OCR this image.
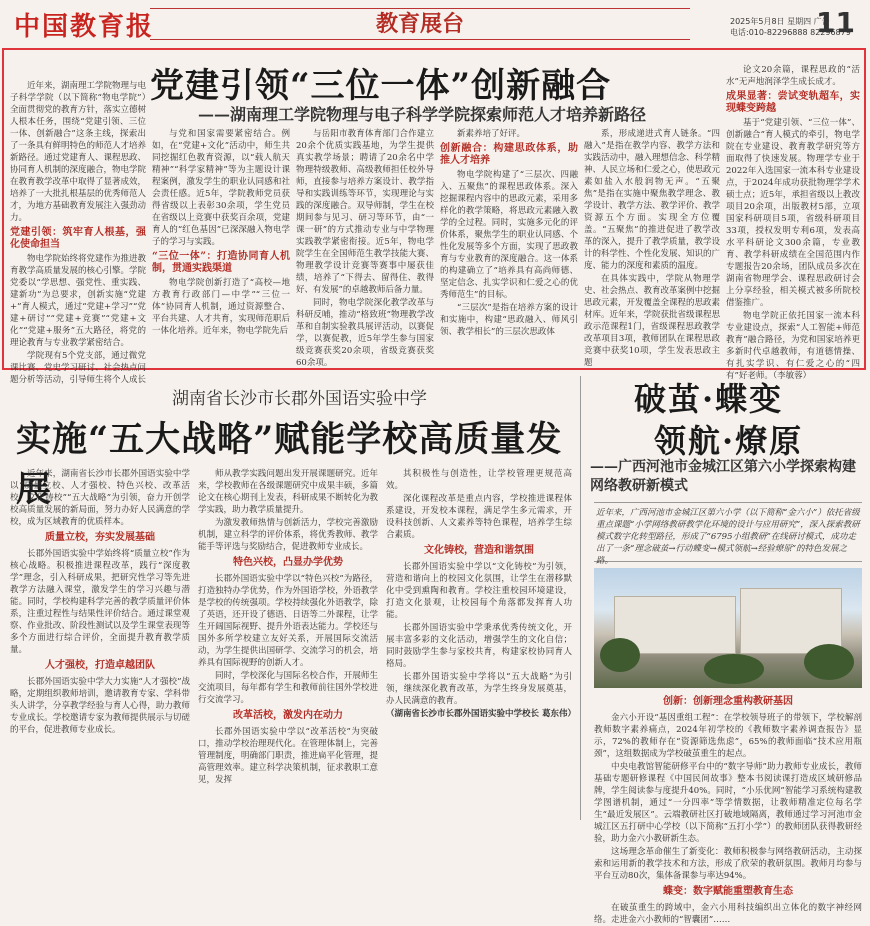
中国教育报	教育展台	2025年5月8日 星期四 广告
电话:010-82296888 82296879
11
党建引领“三位一体”创新融合
——湖南理工学院物理与电子科学学院探索师范人才培养新路径

近年来，湖南理工学院物理与电子科学学院（以下简称“物电学院”）全面贯彻党的教育方针，落实立德树人根本任务，围绕“党建引领、三位一体、创新融合”这条主线，探索出了一条具有鲜明特色的师范人才培养新路径。通过党建育人、课程思政、协同育人机制的深度融合，物电学院在教育教学改革中取得了显著成效，培养了一大批扎根基层的优秀师范人才，为地方基础教育发展注入强劲动力。

党建引领：筑牢育人根基，强化使命担当

物电学院始终将党建作为推进教育教学高质量发展的核心引擎。学院党委以“学思想、强党性、重实践、建新功”为总要求，创新实施“党建+”育人模式，通过“党建+学习”“党建+研讨”“党建+竞赛”“党建+文化”“党建+服务”五大路径，将党的理论教育与专业教学紧密结合。

学院现有5个党支部，通过微党课比赛、党史学习研讨、社会热点问题分析等活动，引导师生将个人成长

与党和国家需要紧密结合。例如，在“党建+文化”活动中，师生共同挖掘红色教育资源，以“载人航天精神”“科学家精神”等为主题设计课程案例，激发学生的职业认同感和社会责任感。近5年，学院教师党员获得省级以上表彰30余项，学生党员在省级以上竞赛中获奖百余项，党建育人的“红色基因”已深深融入物电学子的学习与实践。

“三位一体”：打造协同育人机制，贯通实践渠道

物电学院创新打造了“高校—地方教育行政部门—中学”“三位一体”协同育人机制，通过资源整合、平台共建、人才共育，实现师范职后一体化培养。近年来，物电学院先后

与岳阳市教育体育部门合作建立20余个优质实践基地，为学生提供真实教学场景；聘请了20余名中学物理特级教师、高级教师担任校外导师，直接参与培养方案设计、教学指导和实践训练等环节，实现理论与实践的深度融合。双导师制，学生在校期间参与见习、研习等环节，由“一课一研”的方式推动专业与中学物理实践教学紧密衔接。近5年，物电学院学生在全国师范生教学技能大赛、物理教学设计竞赛等赛事中屡获佳绩，培养了“下得去、留得住、教得好、有发展”的卓越教师后备力量。

同时，物电学院深化教学改革与科研反哺，推动“格致班”物理教学改革和自制实验教具展评活动，以赛促学，以赛促教，近5年学生参与国家级竞赛获奖20余项，省级竞赛获奖60余项。

新素养培了好评。

创新融合：构建思政体系，助推人才培养

物电学院构建了“三层次、四融入、五聚焦”的课程思政体系。深入挖掘课程内容中的思政元素，采用多样化的教学策略，将思政元素融入教学的全过程。同时，实施多元化的评价体系，聚焦学生的职业认同感、个性化发展等多个方面，实现了思政教育与专业教育的深度融合。这一体系的构建确立了“培养具有高尚师德、坚定信念、扎实学识和仁爱之心的优秀师范生”的目标。

“三层次”是指在培养方案的设计和实施中，构建“思政融入、师风引领、教学相长”的三层次思政体

系，形成递进式育人链条。“四融入”是指在教学内容、教学方法和实践活动中，融入理想信念、科学精神、人民立场和仁爱之心，使思政元素如盐入水般润物无声。“五聚焦”是指在实施中聚焦教学理念、教学设计、教学方法、教学评价、教学资源五个方面。实现全方位覆盖。“五聚焦”的推进促进了教学改革的深入，提升了教学质量，教学设计的科学性、个性化发展、知识的广度、能力的深度和素质的温度。

在具体实践中，学院从物理学史、社会热点、教育改革案例中挖掘思政元素，开发覆盖全课程的思政素材库。近年来，学院获批省级课程思政示范课程1门，省级课程思政教学改革项目3项，教师团队在课程思政竞赛中获奖10项，学生发表思政主题

论文20余篇，课程思政的“活水”无声地润泽学生成长成才。

成果显著：尝试变轨超车，实现蝶变跨越

基于“党建引领、“三位一体”、创新融合”育人模式的牵引，物电学院在专业建设、教育教学研究等方面取得了快速发展。物理学专业于2022年入选国家一流本科专业建设点，于2024年成功获批物理学学术硕士点；近5年，承担省级以上教改项目20余项，出版教材5部，立项国家科研项目5项，省级科研项目33项，授权发明专利6项，发表高水平科研论文300余篇，专业教育、教学科研成绩在全国范围内作专题报告20余场，团队成员多次在湖南省物理学会、课程思政研讨会上分享经验，相关模式被多所院校借鉴推广。

物电学院正依托国家一流本科专业建设点，探索“人工智能+师范教育”融合路径，为党和国家培养更多新时代卓越教师，有道德情操、有扎实学识、有仁爱之心的“四有”好老师。（李敏蓉）

湖南省长沙市长郡外国语实验中学
实施“五大战略”赋能学校高质量发展

近年来，湖南省长沙市长郡外国语实验中学以“质量立校、人才强校、特色兴校、改革活校、文化铸校”“五大战略”为引领，奋力开创学校高质量发展的新局面，努力办好人民满意的学校，成为区域教育的优质样本。

质量立校，夯实发展基础

长郡外国语实验中学始终将“质量立校”作为核心战略。积极推进课程改革，践行“深度教学”理念，引入科研成果，把研究性学习等先进教学方法融入课堂，激发学生的学习兴趣与潜能。同时，学校构建科学完善的教学质量评价体系，注重过程性与结果性评价结合。通过课堂观察、作业批改、阶段性测试以及学生课堂表现等多个方面进行综合评价，全面提升教育教学质量。

人才强校，打造卓越团队

长郡外国语实验中学大力实施“人才强校”战略，定期组织教师培训，邀请教育专家、学科带头人讲学，分享教学经验与育人心得，助力教师专业成长。学校邀请专家为教师提供展示与切磋的平台，促进教师专业成长。

师从教学实践问题出发开展课题研究。近年来，学校教师在各级课题研究中成果丰硕，多篇论文在核心期刊上发表，科研成果不断转化为教学实践，助力教学质量提升。

为激发教师热情与创新活力，学校完善激励机制，建立科学的评价体系，将优秀教师、教学能手等评选与奖励结合，促进教师专业成长。

特色兴校，凸显办学优势

长郡外国语实验中学以“特色兴校”为路径，打造独特办学优势，作为外国语学校，外语教学是学校的传统强项。学校持续强化外语教学，除了英语，还开设了德语、日语等二外课程，让学生开阔国际视野、提升外语表达能力。学校还与国外多所学校建立友好关系，开展国际交流活动，为学生提供出国研学、交流学习的机会，培养具有国际视野的创新人才。

同时，学校深化与国际名校合作，开展师生交流项目，每年都有学生和教师前往国外学校进行交流学习。

改革活校，激发内在动力

长郡外国语实验中学以“改革活校”为突破口，推动学校治理现代化。在管理体制上，完善管理制度，明确部门职责，推进扁平化管理，提高管理效率。建立科学决策机制，征求教职工意见，发挥

其积极性与创造性，让学校管理更规范高效。

深化课程改革是重点内容，学校推进课程体系建设，开发校本课程，满足学生多元需求，开设科技创新、人文素养等特色课程，培养学生综合素质。

文化铸校，营造和谐氛围

长郡外国语实验中学以“文化铸校”为引领，营造和谐向上的校园文化氛围，让学生在潜移默化中受到熏陶和教育。学校注重校园环境建设，打造文化景观，让校园每个角落都发挥育人功能。

长郡外国语实验中学秉承优秀传统文化，开展丰富多彩的文化活动，增强学生的文化自信；同时鼓励学生参与家校共育，构建家校协同育人格局。

长郡外国语实验中学将以“五大战略”为引领，继续深化教育改革，为学生终身发展奠基，办人民满意的教育。

（湖南省长沙市长郡外国语实验中学校长 葛东伟）

破茧·蝶变
领航·燎原
——广西河池市金城江区第六小学探索构建网络教研新模式
近年来，广西河池市金城江区第六小学（以下简称“金六小”）依托省级重点课题“小学网络教研教学化环境的设计与应用研究”，深入探索教研模式数字化转型路径，形成了“6795小组教研”在线研讨模式，成功走出了一条“理念破茧→行动蝶变→模式领航→经验燎原”的特色发展之路。
创新：创新理念重构教研基因

金六小开设“基因重组工程”：在学校领导班子的带领下，学校解剖教师数字素养痛点，2024年初学校的《教师数字素养调查报告》显示，72%的教师存在“资源筛选焦虑”，65%的教师面临“技术应用瓶颈”，这组数据成为学校破茧重生的起点。

中央电教馆智能研修平台中的“数字导师”助力教师专业成长，教师基础专题研修课程《中国民间故事》整本书阅读课打造成区域研修品牌，学生阅读参与度提升40%。同时，“小乐优网”智能学习系统构建教学图谱机制，通过“一分四率”等学情数据，让教师精准定位每名学生“最近发展区”。云端教研社区打破地域隔离，教师通过学习河池市金城江区五打研中心学校（以下简称“五打小学”）的教师团队获得教研经验，助力金六小教研新生态。

这场理念革命催生了新变化：教师积极参与网络教研活动，主动探索和运用新的教学技术和方法，形成了欣荣的教研氛围。教师月均参与平台互动80次，集体备课参与率达94%。

蝶变：数字赋能重塑教育生态

在破茧重生的跨域中，金六小用科技编织出立体化的数字神经网络。走进金六小教师的“智囊团”……
